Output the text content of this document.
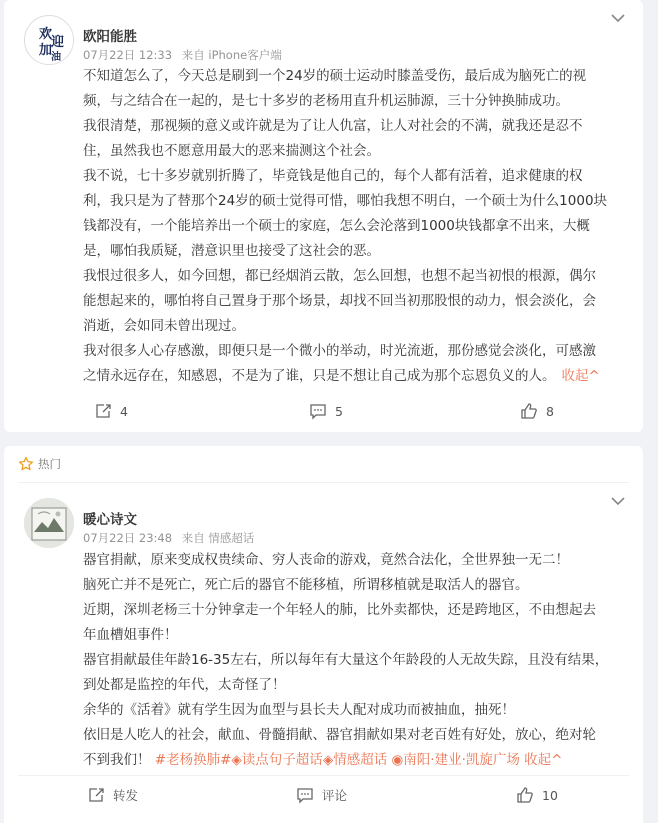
欢
迎
加
油
欧阳能胜
07月22日 12:33 来自 iPhone客户端

不知道怎么了，今天总是刷到一个24岁的硕士运动时膝盖受伤，最后成为脑死亡的视

频，与之结合在一起的，是七十多岁的老杨用直升机运肺源，三十分钟换肺成功。

我很清楚，那视频的意义或许就是为了让人仇富，让人对社会的不满，就我还是忍不

住，虽然我也不愿意用最大的恶来揣测这个社会。

我不说，七十多岁就别折腾了，毕竟钱是他自己的，每个人都有活着，追求健康的权

利，我只是为了替那个24岁的硕士觉得可惜，哪怕我想不明白，一个硕士为什么1000块

钱都没有，一个能培养出一个硕士的家庭，怎么会沦落到1000块钱都拿不出来，大概

是，哪怕我质疑，潜意识里也接受了这社会的恶。

我恨过很多人，如今回想，都已经烟消云散，怎么回想，也想不起当初恨的根源，偶尔

能想起来的，哪怕将自己置身于那个场景，却找不回当初那股恨的动力，恨会淡化，会

消逝，会如同未曾出现过。

我对很多人心存感激，即便只是一个微小的举动，时光流逝，那份感觉会淡化，可感激

之情永远存在，知感恩，不是为了谁，只是不想让自己成为那个忘恩负义的人。 收起^

4	5	8
热门
暖心诗文
07月22日 23:48 来自 情感超话

器官捐献，原来变成权贵续命、穷人丧命的游戏，竟然合法化，全世界独一无二！

脑死亡并不是死亡，死亡后的器官不能移植，所谓移植就是取活人的器官。

近期，深圳老杨三十分钟拿走一个年轻人的肺，比外卖都快，还是跨地区，不由想起去

年血槽姐事件！

器官捐献最佳年龄16-35左右，所以每年有大量这个年龄段的人无故失踪，且没有结果，

到处都是监控的年代，太奇怪了！

余华的《活着》就有学生因为血型与县长夫人配对成功而被抽血，抽死！

依旧是人吃人的社会，献血、骨髓捐献、器官捐献如果对老百姓有好处，放心，绝对轮

不到我们！ #老杨换肺#◈读点句子超话◈情感超话 ◉南阳·建业·凯旋广场 收起^

转发	评论	10
